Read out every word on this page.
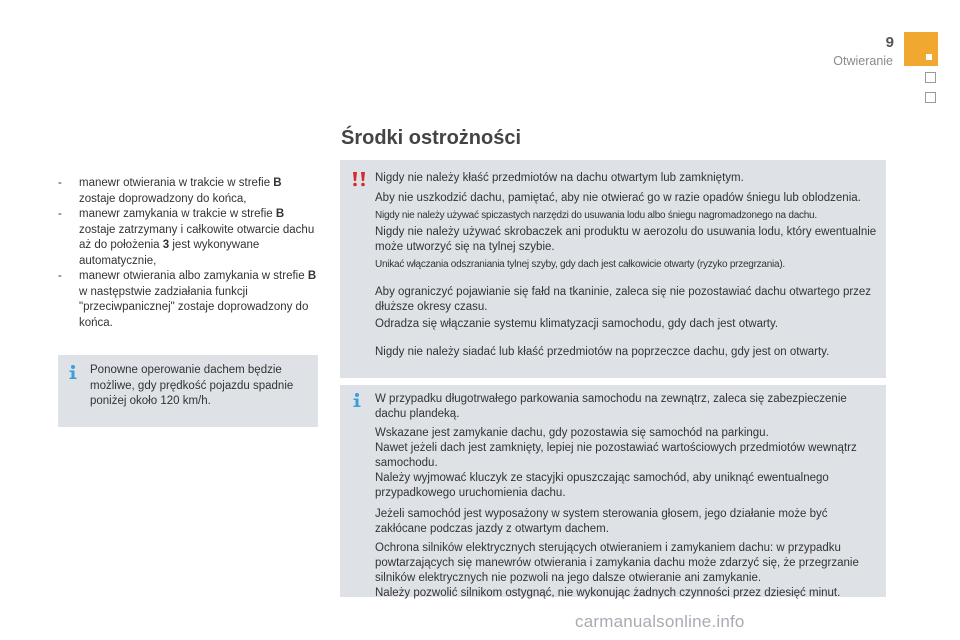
9
Otwieranie
-	manewr otwierania w trakcie w strefie B zostaje doprowadzony do końca,
-	manewr zamykania w trakcie w strefie B zostaje zatrzymany i całkowite otwarcie dachu aż do położenia 3 jest wykonywane automatycznie,
-	manewr otwierania albo zamykania w strefie B w następstwie zadziałania funkcji "przeciwpanicznej" zostaje doprowadzony do końca.
Ponowne operowanie dachem będzie możliwe, gdy prędkość pojazdu spadnie poniżej około 120 km/h.
Środki ostrożności

Nigdy nie należy kłaść przedmiotów na dachu otwartym lub zamkniętym.

Aby nie uszkodzić dachu, pamiętać, aby nie otwierać go w razie opadów śniegu lub oblodzenia.

Nigdy nie należy używać spiczastych narzędzi do usuwania lodu albo śniegu nagromadzonego na dachu.

Nigdy nie należy używać skrobaczek ani produktu w aerozolu do usuwania lodu, który ewentualnie może utworzyć się na tylnej szybie.

Unikać włączania odszraniania tylnej szyby, gdy dach jest całkowicie otwarty (ryzyko przegrzania).

Aby ograniczyć pojawianie się fałd na tkaninie, zaleca się nie pozostawiać dachu otwartego przez dłuższe okresy czasu.

Odradza się włączanie systemu klimatyzacji samochodu, gdy dach jest otwarty.

Nigdy nie należy siadać lub kłaść przedmiotów na poprzeczce dachu, gdy jest on otwarty.

W przypadku długotrwałego parkowania samochodu na zewnątrz, zaleca się zabezpieczenie dachu plandeką.

Wskazane jest zamykanie dachu, gdy pozostawia się samochód na parkingu.

Nawet jeżeli dach jest zamknięty, lepiej nie pozostawiać wartościowych przedmiotów wewnątrz samochodu.

Należy wyjmować kluczyk ze stacyjki opuszczając samochód, aby uniknąć ewentualnego przypadkowego uruchomienia dachu.

Jeżeli samochód jest wyposażony w system sterowania głosem, jego działanie może być zakłócane podczas jazdy z otwartym dachem.

Ochrona silników elektrycznych sterujących otwieraniem i zamykaniem dachu: w przypadku powtarzających się manewrów otwierania i zamykania dachu może zdarzyć się, że przegrzanie silników elektrycznych nie pozwoli na jego dalsze otwieranie ani zamykanie.

Należy pozwolić silnikom ostygnąć, nie wykonując żadnych czynności przez dziesięć minut.

carmanualsonline.info
